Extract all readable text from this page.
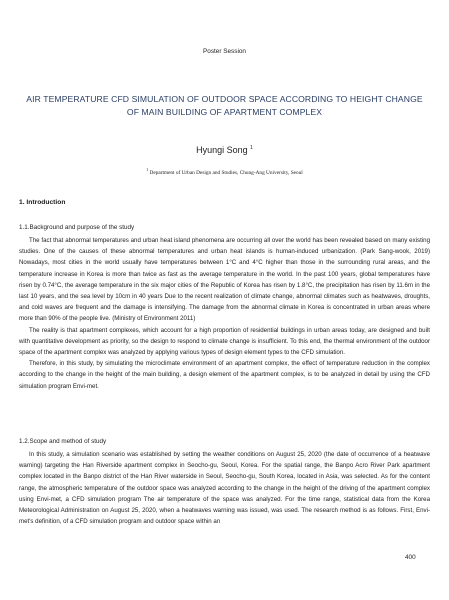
Poster Session
AIR TEMPERATURE CFD SIMULATION OF OUTDOOR SPACE ACCORDING TO HEIGHT CHANGE
OF MAIN BUILDING OF APARTMENT COMPLEX
Hyungi Song $^1$
$^1$ Department of Urban Design and Studies, Chung-Ang University, Seoul
1. Introduction
1.1.Background and purpose of the study

The fact that abnormal temperatures and urban heat island phenomena are occurring all over the world has been revealed based on many existing studies. One of the causes of these abnormal temperatures and urban heat islands is human-induced urbanization. (Park Sang-wook, 2019) Nowadays, most cities in the world usually have temperatures between 1°C and 4°C higher than those in the surrounding rural areas, and the temperature increase in Korea is more than twice as fast as the average temperature in the world. In the past 100 years, global temperatures have risen by 0.74°C, the average temperature in the six major cities of the Republic of Korea has risen by 1.8°C, the precipitation has risen by 11.6m in the last 10 years, and the sea level by 10cm in 40 years Due to the recent realization of climate change, abnormal climates such as heatwaves, droughts, and cold waves are frequent and the damage is intensifying. The damage from the abnormal climate in Korea is concentrated in urban areas where more than 90% of the people live. (Ministry of Environment 2011)

The reality is that apartment complexes, which account for a high proportion of residential buildings in urban areas today, are designed and built with quantitative development as priority, so the design to respond to climate change is insufficient. To this end, the thermal environment of the outdoor space of the apartment complex was analyzed by applying various types of design element types to the CFD simulation.

Therefore, in this study, by simulating the microclimate environment of an apartment complex, the effect of temperature reduction in the complex according to the change in the height of the main building, a design element of the apartment complex, is to be analyzed in detail by using the CFD simulation program Envi-met.

1.2.Scope and method of study

In this study, a simulation scenario was established by setting the weather conditions on August 25, 2020 (the date of occurrence of a heatwave warning) targeting the Han Riverside apartment complex in Seocho-gu, Seoul, Korea. For the spatial range, the Banpo Acro River Park apartment complex located in the Banpo district of the Han River waterside in Seoul, Seocho-gu, South Korea, located in Asia, was selected. As for the content range, the atmospheric temperature of the outdoor space was analyzed according to the change in the height of the driving of the apartment complex using Envi-met, a CFD simulation program The air temperature of the space was analyzed. For the time range, statistical data from the Korea Meteorological Administration on August 25, 2020, when a heatwaves warning was issued, was used. The research method is as follows. First, Envi-met's definition, of a CFD simulation program and outdoor space within an

400
